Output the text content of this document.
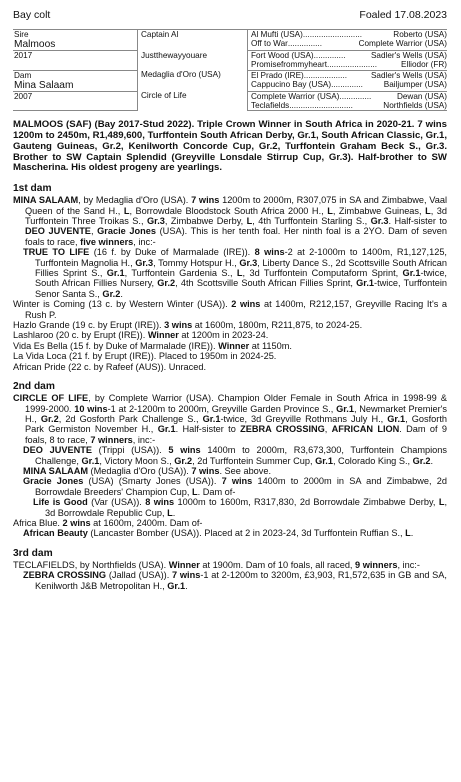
Bay colt	Foaled 17.08.2023
Sire	Captain Al	Al Mufti (USA) .......................... Roberto (USA)

Malmoos		Off to War ............... Complete Warrior (USA)

2017	Justthewayyouare	Fort Wood (USA) .............. Sadler's Wells (USA)

		Promisefrommyheart ...................... Elliodor (FR)

Dam	Medaglia d'Oro (USA)	El Prado (IRE) ................... Sadler's Wells (USA)

Mina Salaam		Cappucino Bay (USA) .............. Bailjumper (USA)

2007	Circle of Life	Complete Warrior (USA) .............. Dewan (USA)

		Teclafields ............................ Northfields (USA)
MALMOOS (SAF) (Bay 2017-Stud 2022). Triple Crown Winner in South Africa in 2020-21. 7 wins 1200m to 2450m, R1,489,600, Turffontein South African Derby, Gr.1, South African Classic, Gr.1, Gauteng Guineas, Gr.2, Kenilworth Concorde Cup, Gr.2, Turffontein Graham Beck S., Gr.3. Brother to SW Captain Splendid (Greyville Lonsdale Stirrup Cup, Gr.3). Half-brother to SW Mascherina. His oldest progeny are yearlings.
1st dam

MINA SALAAM, by Medaglia d'Oro (USA). 7 wins 1200m to 2000m, R307,075 in SA and Zimbabwe, Vaal Queen of the Sand H., L, Borrowdale Bloodstock South Africa 2000 H., L, Zimbabwe Guineas, L, 3d Turffontein Three Troikas S., Gr.3, Zimbabwe Derby, L, 4th Turffontein Starling S., Gr.3. Half-sister to DEO JUVENTE, Gracie Jones (USA). This is her tenth foal. Her ninth foal is a 2YO. Dam of seven foals to race, five winners, inc:-

TRUE TO LIFE (16 f. by Duke of Marmalade (IRE)). 8 wins-2 at 2-1000m to 1400m, R1,127,125, Turffontein Magnolia H., Gr.3, Tommy Hotspur H., Gr.3, Liberty Dance S., 2d Scottsville South African Fillies Sprint S., Gr.1, Turffontein Gardenia S., L, 3d Turffontein Computaform Sprint, Gr.1-twice, South African Fillies Nursery, Gr.2, 4th Scottsville South African Fillies Sprint, Gr.1-twice, Turffontein Senor Santa S., Gr.2.

Winter is Coming (13 c. by Western Winter (USA)). 2 wins at 1400m, R212,157, Greyville Racing It's a Rush P.

Hazlo Grande (19 c. by Erupt (IRE)). 3 wins at 1600m, 1800m, R211,875, to 2024-25.

Lashlaroo (20 c. by Erupt (IRE)). Winner at 1200m in 2023-24.

Vida Es Bella (15 f. by Duke of Marmalade (IRE)). Winner at 1150m.

La Vida Loca (21 f. by Erupt (IRE)). Placed to 1950m in 2024-25.

African Pride (22 c. by Rafeef (AUS)). Unraced.

2nd dam

CIRCLE OF LIFE, by Complete Warrior (USA). Champion Older Female in South Africa in 1998-99 & 1999-2000. 10 wins-1 at 2-1200m to 2000m, Greyville Garden Province S., Gr.1, Newmarket Premier's H., Gr.2, 2d Gosforth Park Challenge S., Gr.1-twice, 3d Greyville Rothmans July H., Gr.1, Gosforth Park Germiston November H., Gr.1. Half-sister to ZEBRA CROSSING, AFRICAN LION. Dam of 9 foals, 8 to race, 7 winners, inc:-

DEO JUVENTE (Trippi (USA)). 5 wins 1400m to 2000m, R3,673,300, Turffontein Champions Challenge, Gr.1, Victory Moon S., Gr.2, 2d Turffontein Summer Cup, Gr.1, Colorado King S., Gr.2.

MINA SALAAM (Medaglia d'Oro (USA)). 7 wins. See above.

Gracie Jones (USA) (Smarty Jones (USA)). 7 wins 1400m to 2000m in SA and Zimbabwe, 2d Borrowdale Breeders' Champion Cup, L. Dam of-

Life is Good (Var (USA)). 8 wins 1000m to 1600m, R317,830, 2d Borrowdale Zimbabwe Derby, L, 3d Borrowdale Republic Cup, L.

Africa Blue. 2 wins at 1600m, 2400m. Dam of-

African Beauty (Lancaster Bomber (USA)). Placed at 2 in 2023-24, 3d Turffontein Ruffian S., L.

3rd dam

TECLAFIELDS, by Northfields (USA). Winner at 1900m. Dam of 10 foals, all raced, 9 winners, inc:-

ZEBRA CROSSING (Jallad (USA)). 7 wins-1 at 2-1200m to 3200m, £3,903, R1,572,635 in GB and SA, Kenilworth J&B Metropolitan H., Gr.1.
